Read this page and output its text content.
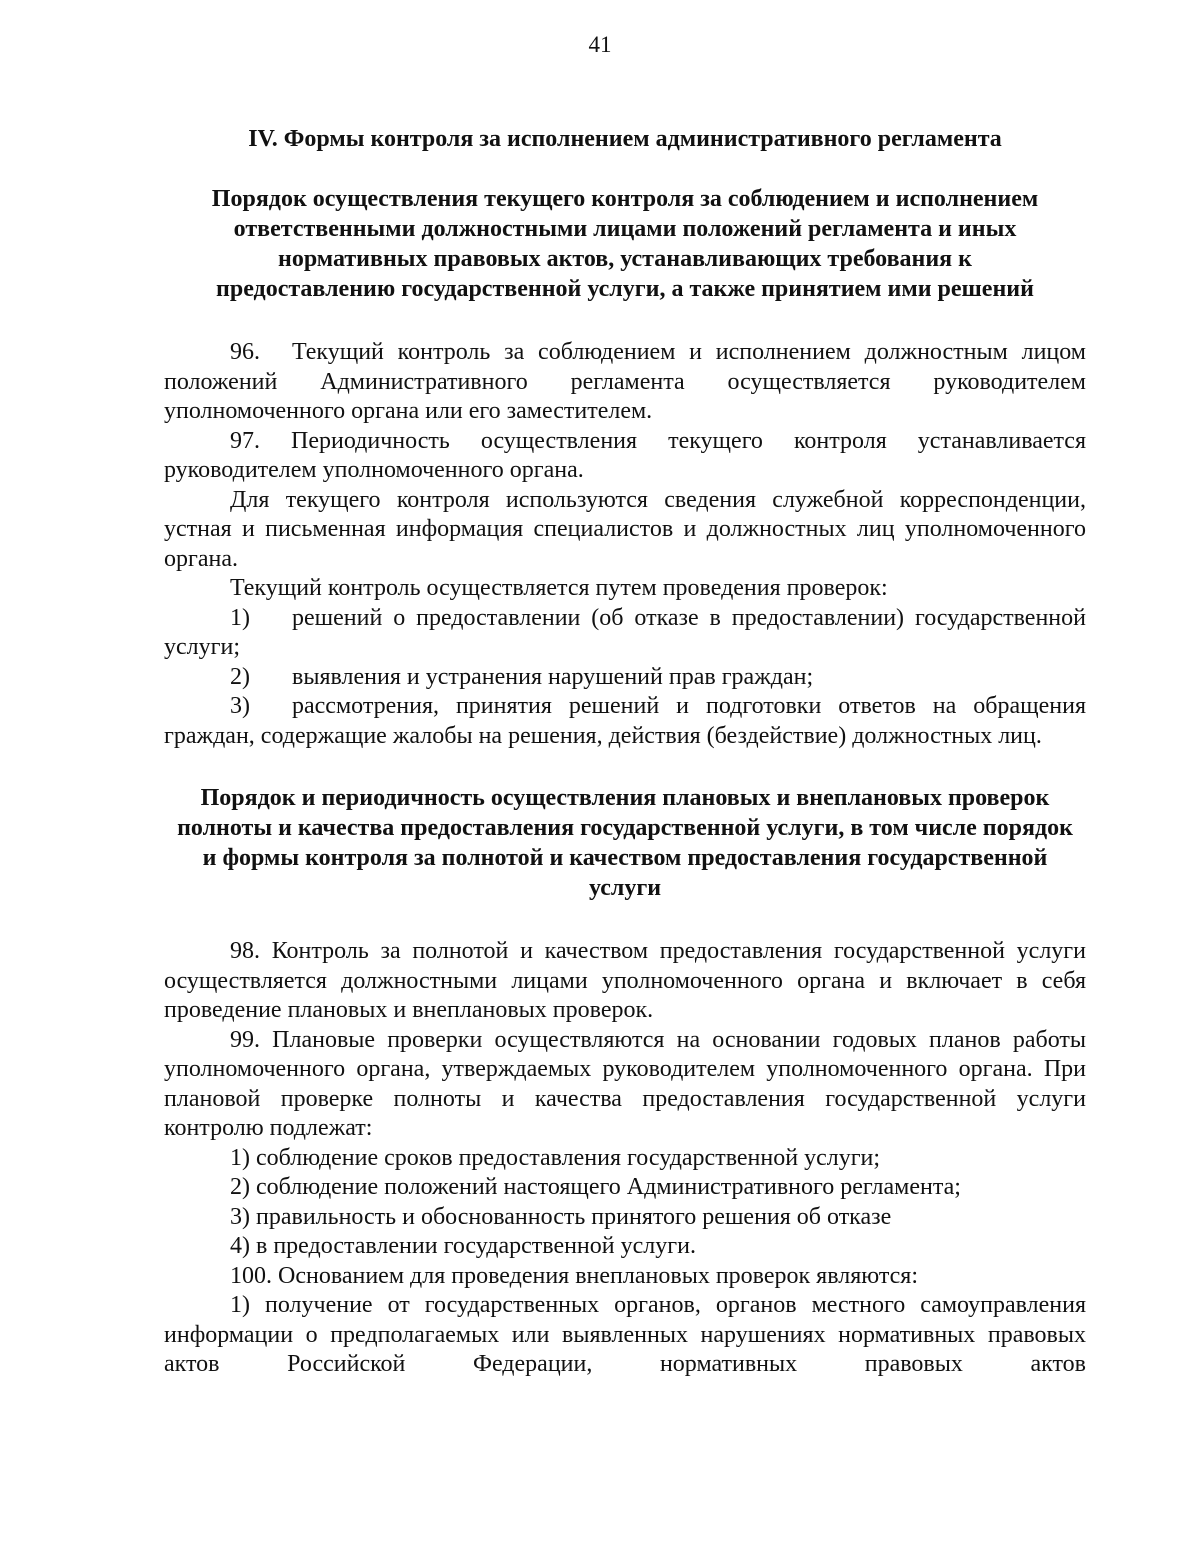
41

IV. Формы контроля за исполнением административного регламента

Порядок осуществления текущего контроля за соблюдением и исполнением ответственными должностными лицами положений регламента и иных нормативных правовых актов, устанавливающих требования к предоставлению государственной услуги, а также принятием ими решений

96. Текущий контроль за соблюдением и исполнением должностным лицом положений Административного регламента осуществляется руководителем уполномоченного органа или его заместителем.

97. Периодичность осуществления текущего контроля устанавливается руководителем уполномоченного органа.

Для текущего контроля используются сведения служебной корреспонденции, устная и письменная информация специалистов и должностных лиц уполномоченного органа.

Текущий контроль осуществляется путем проведения проверок:

1) решений о предоставлении (об отказе в предоставлении) государственной услуги;

2) выявления и устранения нарушений прав граждан;

3) рассмотрения, принятия решений и подготовки ответов на обращения граждан, содержащие жалобы на решения, действия (бездействие) должностных лиц.

Порядок и периодичность осуществления плановых и внеплановых проверок полноты и качества предоставления государственной услуги, в том числе порядок и формы контроля за полнотой и качеством предоставления государственной услуги

98. Контроль за полнотой и качеством предоставления государственной услуги осуществляется должностными лицами уполномоченного органа и включает в себя проведение плановых и внеплановых проверок.

99. Плановые проверки осуществляются на основании годовых планов работы уполномоченного органа, утверждаемых руководителем уполномоченного органа. При плановой проверке полноты и качества предоставления государственной услуги контролю подлежат:

1) соблюдение сроков предоставления государственной услуги;

2) соблюдение положений настоящего Административного регламента;

3) правильность и обоснованность принятого решения об отказе

4) в предоставлении государственной услуги.

100. Основанием для проведения внеплановых проверок являются:

1) получение от государственных органов, органов местного самоуправления информации о предполагаемых или выявленных нарушениях нормативных правовых актов Российской Федерации, нормативных правовых актов
